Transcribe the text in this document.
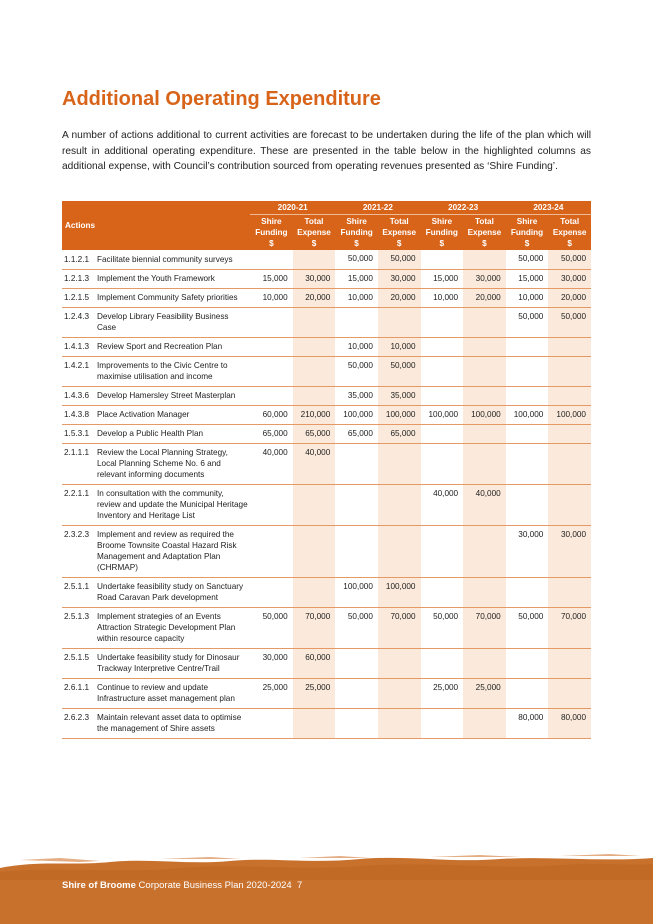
Additional Operating Expenditure

A number of actions additional to current activities are forecast to be undertaken during the life of the plan which will result in additional operating expenditure. These are presented in the table below in the highlighted columns as additional expense, with Council’s contribution sourced from operating revenues presented as ‘Shire Funding’.

Actions		2020-21		2021-22		2022-23		2023-24	
		Shire Funding $	Total Expense $	Shire Funding $	Total Expense $	Shire Funding $	Total Expense $	Shire Funding $	Total Expense $
1.1.2.1	Facilitate biennial community surveys			50,000	50,000			50,000	50,000
1.2.1.3	Implement the Youth Framework	15,000	30,000	15,000	30,000	15,000	30,000	15,000	30,000
1.2.1.5	Implement Community Safety priorities	10,000	20,000	10,000	20,000	10,000	20,000	10,000	20,000
1.2.4.3	Develop Library Feasibility Business Case							50,000	50,000
1.4.1.3	Review Sport and Recreation Plan			10,000	10,000				
1.4.2.1	Improvements to the Civic Centre to maximise utilisation and income			50,000	50,000				
1.4.3.6	Develop Hamersley Street Masterplan			35,000	35,000				
1.4.3.8	Place Activation Manager	60,000	210,000	100,000	100,000	100,000	100,000	100,000	100,000
1.5.3.1	Develop a Public Health Plan	65,000	65,000	65,000	65,000				
2.1.1.1	Review the Local Planning Strategy, Local Planning Scheme No. 6 and relevant informing documents	40,000	40,000						
2.2.1.1	In consultation with the community, review and update the Municipal Heritage Inventory and Heritage List					40,000	40,000		
2.3.2.3	Implement and review as required the Broome Townsite Coastal Hazard Risk Management and Adaptation Plan (CHRMAP)							30,000	30,000
2.5.1.1	Undertake feasibility study on Sanctuary Road Caravan Park development			100,000	100,000				
2.5.1.3	Implement strategies of an Events Attraction Strategic Development Plan within resource capacity	50,000	70,000	50,000	70,000	50,000	70,000	50,000	70,000
2.5.1.5	Undertake feasibility study for Dinosaur Trackway Interpretive Centre/Trail	30,000	60,000						
2.6.1.1	Continue to review and update Infrastructure asset management plan	25,000	25,000			25,000	25,000		
2.6.2.3	Maintain relevant asset data to optimise the management of Shire assets							80,000	80,000
Shire of Broome Corporate Business Plan 2020-2024 7
